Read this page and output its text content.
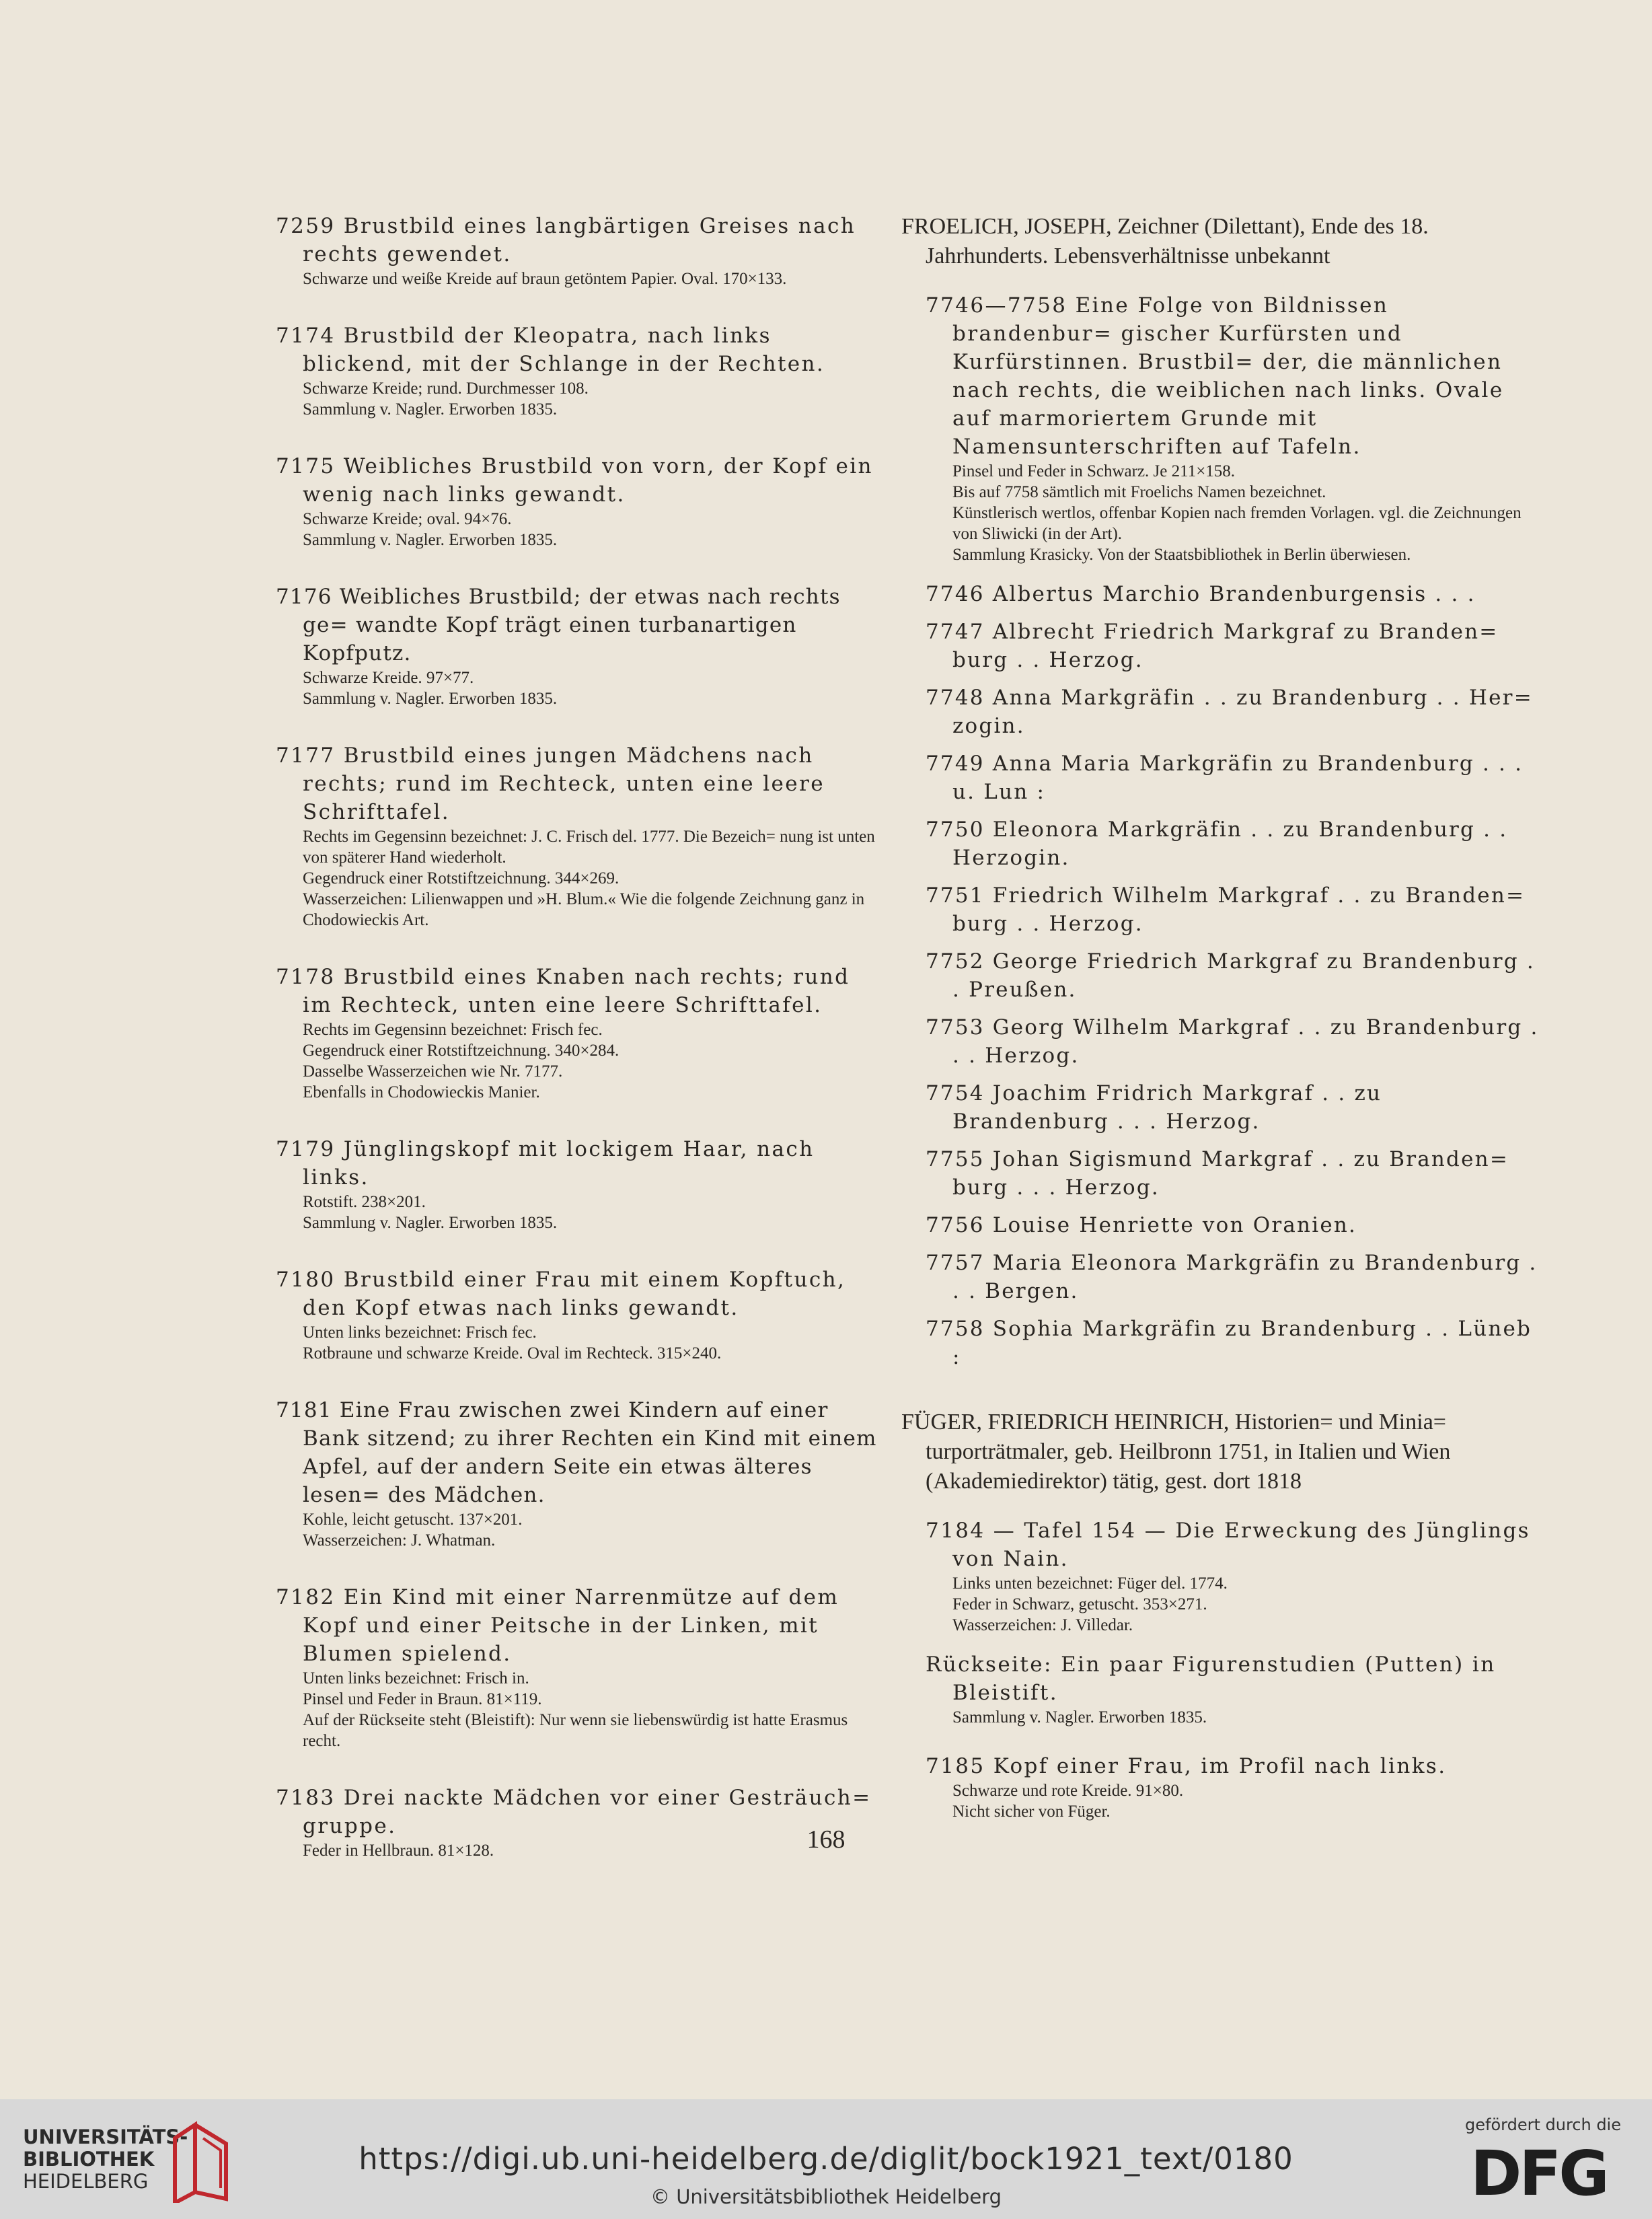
7259 Brustbild eines langbärtigen Greises nach rechts gewendet.

Schwarze und weiße Kreide auf braun getöntem Papier. Oval. 170×133.

7174 Brustbild der Kleopatra, nach links blickend, mit der Schlange in der Rechten.

Schwarze Kreide; rund. Durchmesser 108.

Sammlung v. Nagler. Erworben 1835.

7175 Weibliches Brustbild von vorn, der Kopf ein wenig nach links gewandt.

Schwarze Kreide; oval. 94×76.

Sammlung v. Nagler. Erworben 1835.

7176 Weibliches Brustbild; der etwas nach rechts ge= wandte Kopf trägt einen turbanartigen Kopfputz.

Schwarze Kreide. 97×77.

Sammlung v. Nagler. Erworben 1835.

7177 Brustbild eines jungen Mädchens nach rechts; rund im Rechteck, unten eine leere Schrifttafel.

Rechts im Gegensinn bezeichnet: J. C. Frisch del. 1777. Die Bezeich= nung ist unten von späterer Hand wiederholt.

Gegendruck einer Rotstiftzeichnung. 344×269.

Wasserzeichen: Lilienwappen und »H. Blum.« Wie die folgende Zeichnung ganz in Chodowieckis Art.

7178 Brustbild eines Knaben nach rechts; rund im Rechteck, unten eine leere Schrifttafel.

Rechts im Gegensinn bezeichnet: Frisch fec.

Gegendruck einer Rotstiftzeichnung. 340×284.

Dasselbe Wasserzeichen wie Nr. 7177.

Ebenfalls in Chodowieckis Manier.

7179 Jünglingskopf mit lockigem Haar, nach links.

Rotstift. 238×201.

Sammlung v. Nagler. Erworben 1835.

7180 Brustbild einer Frau mit einem Kopftuch, den Kopf etwas nach links gewandt.

Unten links bezeichnet: Frisch fec.

Rotbraune und schwarze Kreide. Oval im Rechteck. 315×240.

7181 Eine Frau zwischen zwei Kindern auf einer Bank sitzend; zu ihrer Rechten ein Kind mit einem Apfel, auf der andern Seite ein etwas älteres lesen= des Mädchen.

Kohle, leicht getuscht. 137×201.

Wasserzeichen: J. Whatman.

7182 Ein Kind mit einer Narrenmütze auf dem Kopf und einer Peitsche in der Linken, mit Blumen spielend.

Unten links bezeichnet: Frisch in.

Pinsel und Feder in Braun. 81×119.

Auf der Rückseite steht (Bleistift): Nur wenn sie liebenswürdig ist hatte Erasmus recht.

7183 Drei nackte Mädchen vor einer Gesträuch= gruppe.

Feder in Hellbraun. 81×128.

FROELICH, JOSEPH, Zeichner (Dilettant), Ende des 18. Jahrhunderts. Lebensverhältnisse unbekannt

7746—7758 Eine Folge von Bildnissen brandenbur= gischer Kurfürsten und Kurfürstinnen. Brustbil= der, die männlichen nach rechts, die weiblichen nach links. Ovale auf marmoriertem Grunde mit Namensunterschriften auf Tafeln.

Pinsel und Feder in Schwarz. Je 211×158.

Bis auf 7758 sämtlich mit Froelichs Namen bezeichnet.

Künstlerisch wertlos, offenbar Kopien nach fremden Vorlagen. vgl. die Zeichnungen von Sliwicki (in der Art).

Sammlung Krasicky. Von der Staatsbibliothek in Berlin überwiesen.

7746 Albertus Marchio Brandenburgensis . . .

7747 Albrecht Friedrich Markgraf zu Branden= burg . . Herzog.

7748 Anna Markgräfin . . zu Brandenburg . . Her= zogin.

7749 Anna Maria Markgräfin zu Brandenburg . . . u. Lun :

7750 Eleonora Markgräfin . . zu Brandenburg . . Herzogin.

7751 Friedrich Wilhelm Markgraf . . zu Branden= burg . . Herzog.

7752 George Friedrich Markgraf zu Brandenburg . . Preußen.

7753 Georg Wilhelm Markgraf . . zu Brandenburg . . . Herzog.

7754 Joachim Fridrich Markgraf . . zu Brandenburg . . . Herzog.

7755 Johan Sigismund Markgraf . . zu Branden= burg . . . Herzog.

7756 Louise Henriette von Oranien.

7757 Maria Eleonora Markgräfin zu Brandenburg . . . Bergen.

7758 Sophia Markgräfin zu Brandenburg . . Lüneb :

FÜGER, FRIEDRICH HEINRICH, Historien= und Minia= turporträtmaler, geb. Heilbronn 1751, in Italien und Wien (Akademiedirektor) tätig, gest. dort 1818

7184 — Tafel 154 — Die Erweckung des Jünglings von Nain.

Links unten bezeichnet: Füger del. 1774.

Feder in Schwarz, getuscht. 353×271.

Wasserzeichen: J. Villedar.

Rückseite: Ein paar Figurenstudien (Putten) in Bleistift.

Sammlung v. Nagler. Erworben 1835.

7185 Kopf einer Frau, im Profil nach links.

Schwarze und rote Kreide. 91×80.

Nicht sicher von Füger.

168

UNIVERSITÄTS-
BIBLIOTHEK
HEIDELBERG

https://digi.ub.uni-heidelberg.de/diglit/bock1921_text/0180
© Universitätsbibliothek Heidelberg
gefördert durch die
DFG
